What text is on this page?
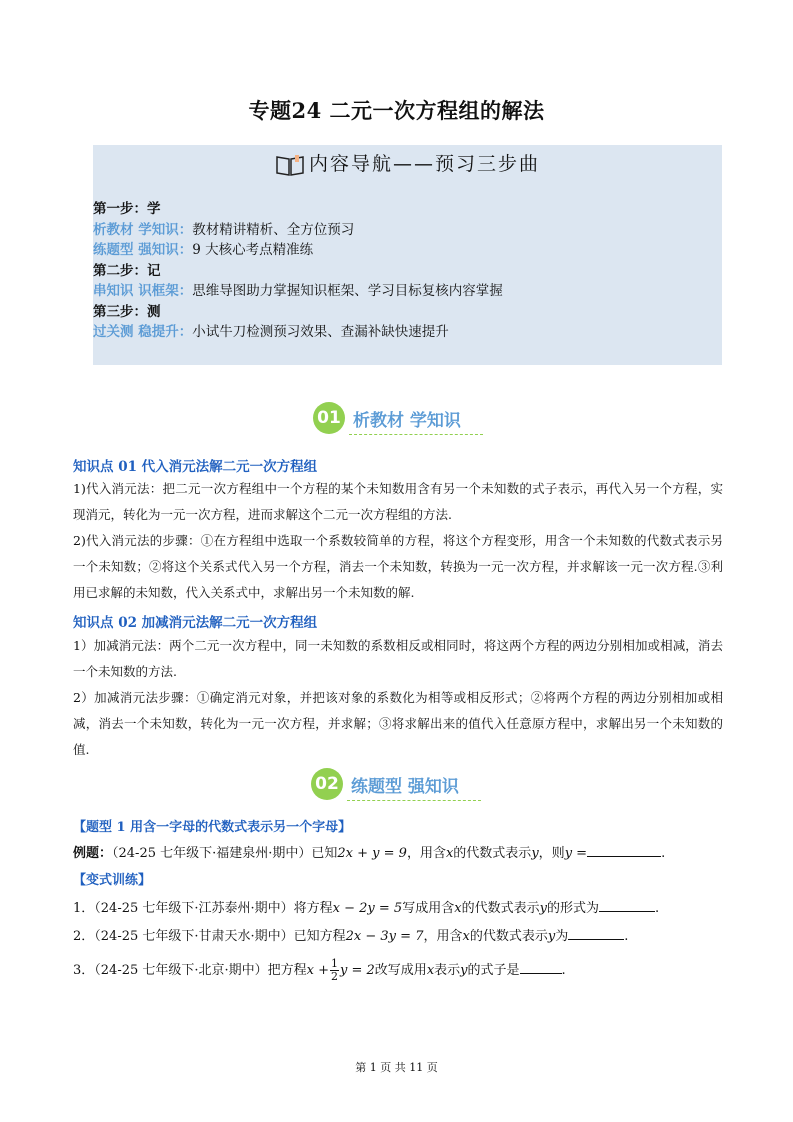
专题24 二元一次方程组的解法
内容导航——预习三步曲
第一步：学
析教材 学知识：教材精讲精析、全方位预习
练题型 强知识：9 大核心考点精准练
第二步：记
串知识 识框架：思维导图助力掌握知识框架、学习目标复核内容掌握
第三步：测
过关测 稳提升：小试牛刀检测预习效果、查漏补缺快速提升
01 析教材 学知识
知识点 01 代入消元法解二元一次方程组
1)代入消元法：把二元一次方程组中一个方程的某个未知数用含有另一个未知数的式子表示，再代入另一个方程，实现消元，转化为一元一次方程，进而求解这个二元一次方程组的方法.
2)代入消元法的步骤：①在方程组中选取一个系数较简单的方程，将这个方程变形，用含一个未知数的代数式表示另一个未知数；②将这个关系式代入另一个方程，消去一个未知数，转换为一元一次方程，并求解该一元一次方程.③利用已求解的未知数，代入关系式中，求解出另一个未知数的解.
知识点 02 加减消元法解二元一次方程组
1）加减消元法：两个二元一次方程中，同一未知数的系数相反或相同时，将这两个方程的两边分别相加或相减，消去一个未知数的方法.
2）加减消元法步骤：①确定消元对象，并把该对象的系数化为相等或相反形式；②将两个方程的两边分别相加或相减，消去一个未知数，转化为一元一次方程，并求解；③将求解出来的值代入任意原方程中，求解出另一个未知数的值.
02 练题型 强知识
【题型 1 用含一字母的代数式表示另一个字母】
例题：（24-25 七年级下·福建泉州·期中）已知2x + y = 9，用含x的代数式表示y，则y =	.
【变式训练】
1．（24-25 七年级下·江苏泰州·期中）将方程x − 2y = 5写成用含x的代数式表示y的形式为	.
2．（24-25 七年级下·甘肃天水·期中）已知方程2x − 3y = 7，用含x的代数式表示y为	.
3．（24-25 七年级下·北京·期中）把方程$x + \frac{1}{2}$ y = 2改写成用x表示y的式子是	.
第 1 页 共 11 页
